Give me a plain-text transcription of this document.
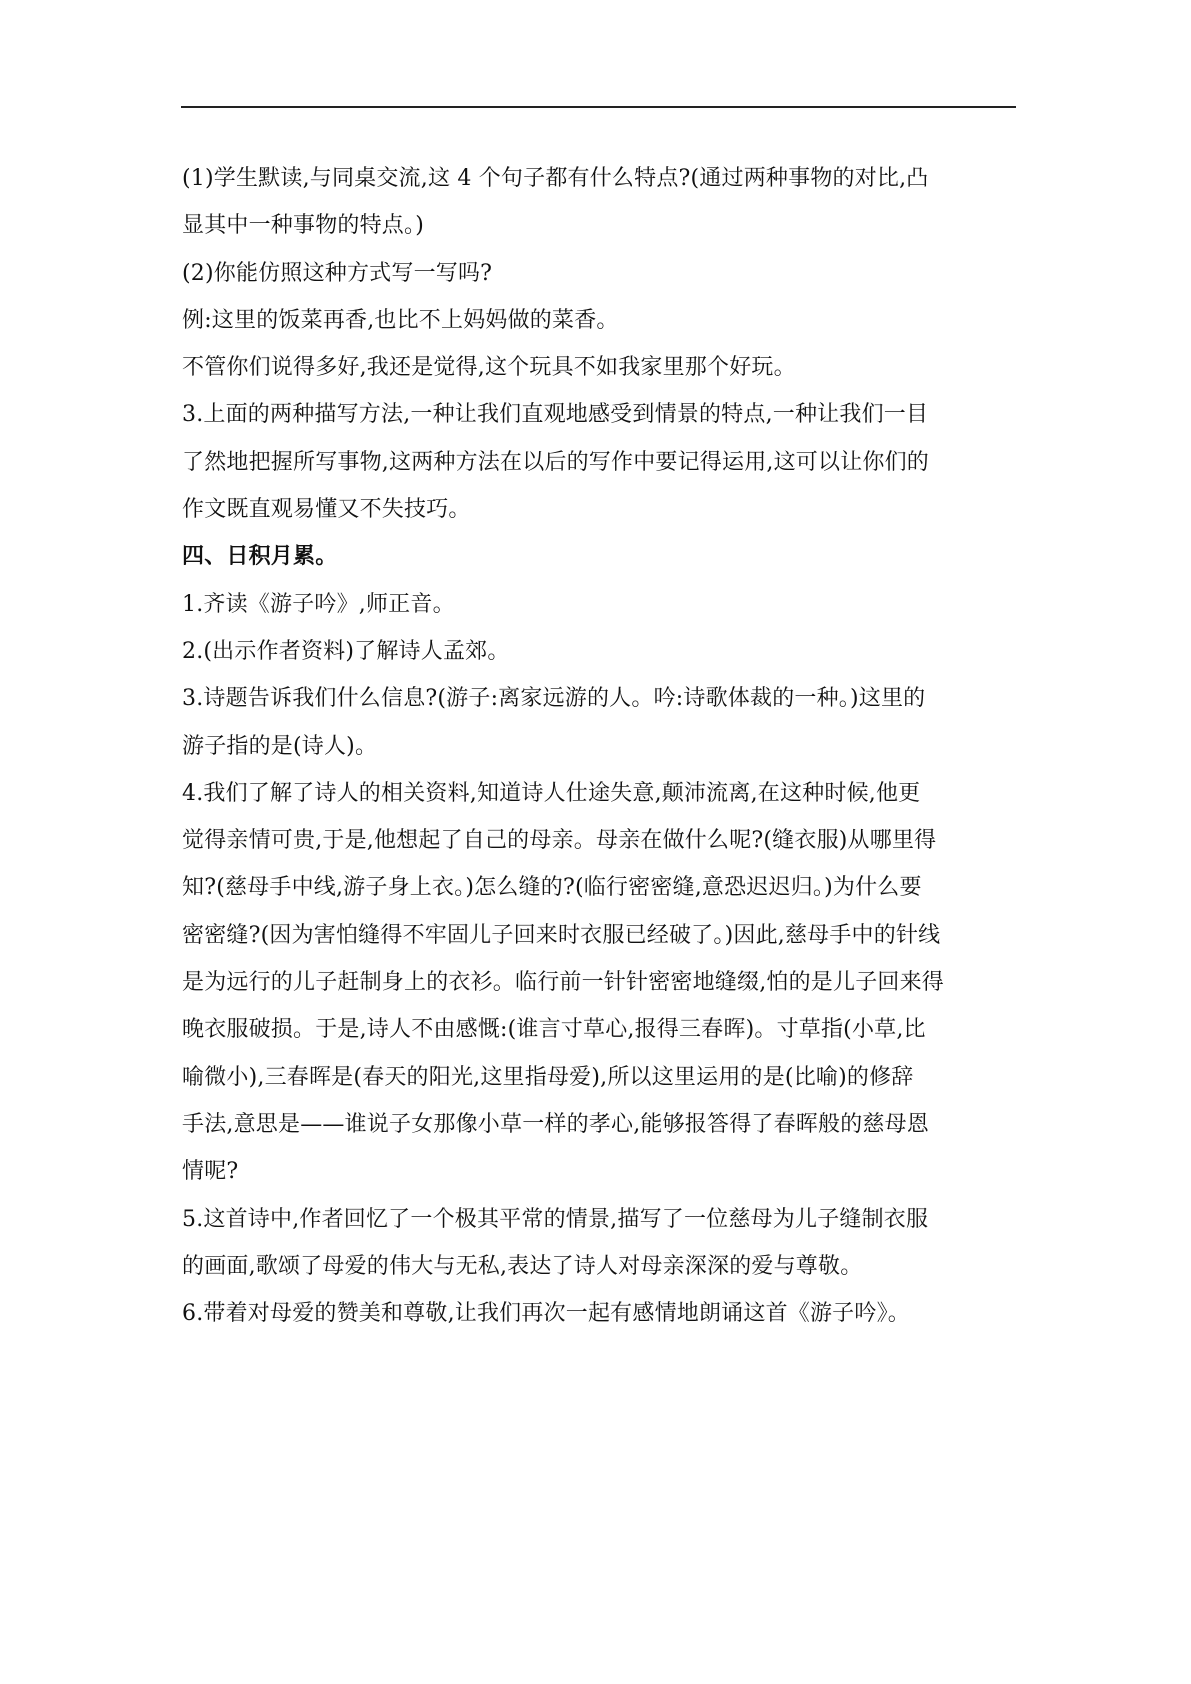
(1)学生默读,与同桌交流,这 4 个句子都有什么特点?(通过两种事物的对比,凸

显其中一种事物的特点。)

(2)你能仿照这种方式写一写吗?

例:这里的饭菜再香,也比不上妈妈做的菜香。

不管你们说得多好,我还是觉得,这个玩具不如我家里那个好玩。

3.上面的两种描写方法,一种让我们直观地感受到情景的特点,一种让我们一目

了然地把握所写事物,这两种方法在以后的写作中要记得运用,这可以让你们的

作文既直观易懂又不失技巧。

四、日积月累。

1.齐读《游子吟》,师正音。

2.(出示作者资料)了解诗人孟郊。

3.诗题告诉我们什么信息?(游子:离家远游的人。吟:诗歌体裁的一种。)这里的

游子指的是(诗人)。

4.我们了解了诗人的相关资料,知道诗人仕途失意,颠沛流离,在这种时候,他更

觉得亲情可贵,于是,他想起了自己的母亲。母亲在做什么呢?(缝衣服)从哪里得

知?(慈母手中线,游子身上衣。)怎么缝的?(临行密密缝,意恐迟迟归。)为什么要

密密缝?(因为害怕缝得不牢固儿子回来时衣服已经破了。)因此,慈母手中的针线

是为远行的儿子赶制身上的衣衫。临行前一针针密密地缝缀,怕的是儿子回来得

晚衣服破损。于是,诗人不由感慨:(谁言寸草心,报得三春晖)。寸草指(小草,比

喻微小),三春晖是(春天的阳光,这里指母爱),所以这里运用的是(比喻)的修辞

手法,意思是——谁说子女那像小草一样的孝心,能够报答得了春晖般的慈母恩

情呢?

5.这首诗中,作者回忆了一个极其平常的情景,描写了一位慈母为儿子缝制衣服

的画面,歌颂了母爱的伟大与无私,表达了诗人对母亲深深的爱与尊敬。

6.带着对母爱的赞美和尊敬,让我们再次一起有感情地朗诵这首《游子吟》。
